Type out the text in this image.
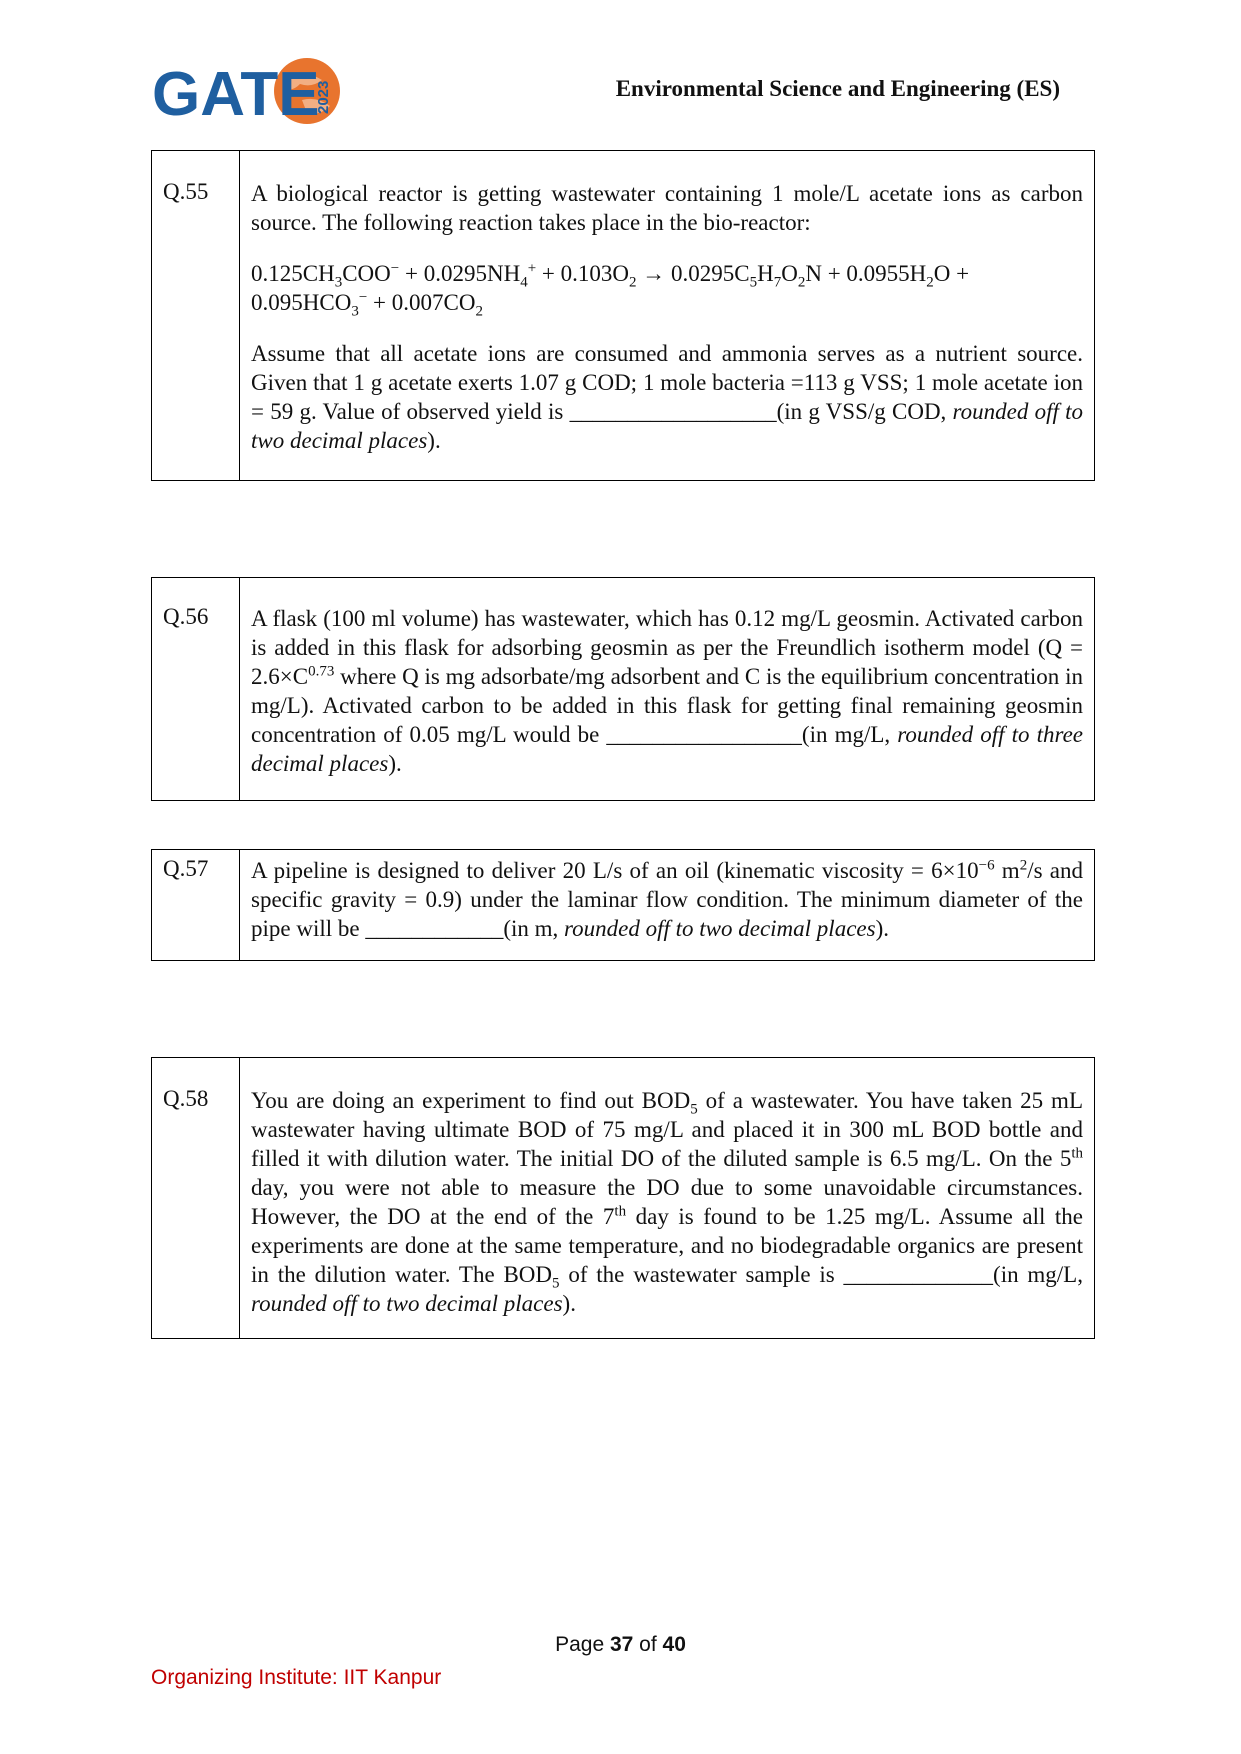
GATE
2023	Environmental Science and Engineering (ES)
Q.55	A biological reactor is getting wastewater containing 1 mole/L acetate ions as carbon source. The following reaction takes place in the bio-reactor:

$0.125CH_3COO^- + 0.0295NH_4^+ + 0.103O_2 \to 0.0295C_5H_7O_2N + 0.0955H_2O$ +
$0.095HCO_3^- + 0.007CO_2$

Assume that all acetate ions are consumed and ammonia serves as a nutrient source. Given that 1 g acetate exerts 1.07 g COD; 1 mole bacteria =113 g VSS; 1 mole acetate ion = 59 g. Value of observed yield is __________________(in g VSS/g COD, rounded off to two decimal places).

Q.56	A flask (100 ml volume) has wastewater, which has 0.12 mg/L geosmin. Activated carbon is added in this flask for adsorbing geosmin as per the Freundlich isotherm model ($Q = 2.6\times C^{0.73}$ where Q is mg adsorbate/mg adsorbent and C is the equilibrium concentration in mg/L). Activated carbon to be added in this flask for getting final remaining geosmin concentration of 0.05 mg/L would be _________________(in mg/L, rounded off to three decimal places).

Q.57	A pipeline is designed to deliver 20 L/s of an oil (kinematic viscosity = $6\times 10^{-6}$ $m^2/s$ and specific gravity = 0.9) under the laminar flow condition. The minimum diameter of the pipe will be ____________(in m, rounded off to two decimal places).

Q.58	You are doing an experiment to find out $BOD_5$ of a wastewater. You have taken 25 mL wastewater having ultimate BOD of 75 mg/L and placed it in 300 mL BOD bottle and filled it with dilution water. The initial DO of the diluted sample is 6.5 mg/L. On the 5th day, you were not able to measure the DO due to some unavoidable circumstances. However, the DO at the end of the 7th day is found to be 1.25 mg/L. Assume all the experiments are done at the same temperature, and no biodegradable organics are present in the dilution water. The $BOD_5$ of the wastewater sample is _____________(in mg/L, rounded off to two decimal places).

Page 37 of 40
Organizing Institute: IIT Kanpur
